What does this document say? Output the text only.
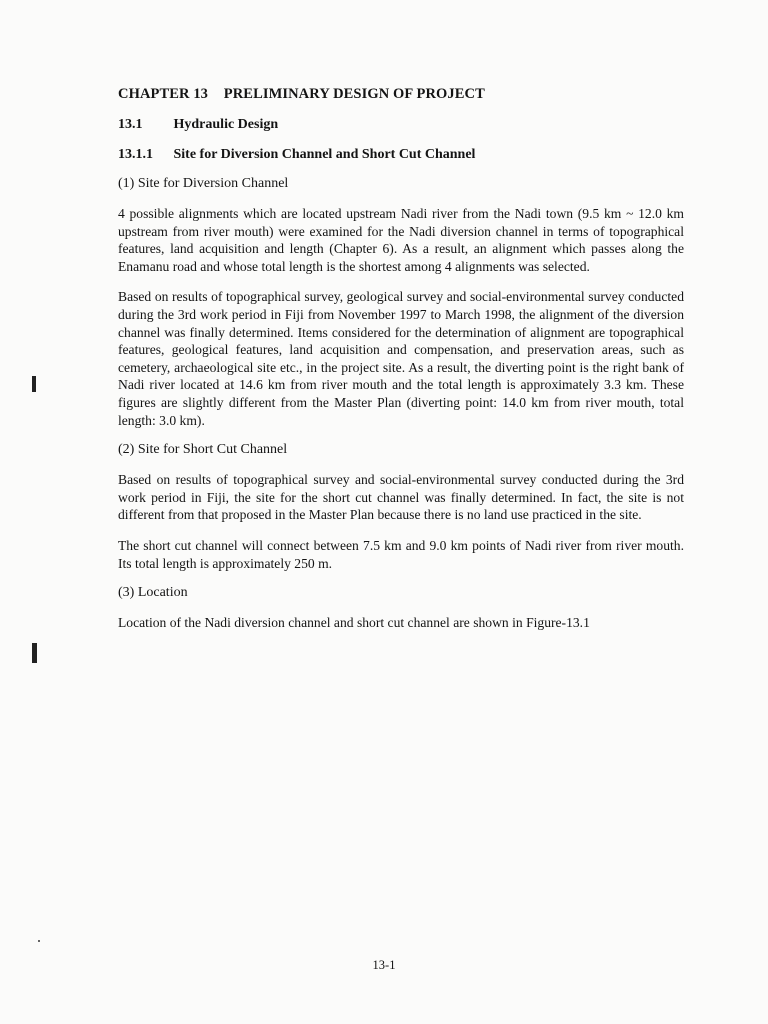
CHAPTER 13 PRELIMINARY DESIGN OF PROJECT
13.1 Hydraulic Design
13.1.1 Site for Diversion Channel and Short Cut Channel
(1) Site for Diversion Channel

4 possible alignments which are located upstream Nadi river from the Nadi town (9.5 km ~ 12.0 km upstream from river mouth) were examined for the Nadi diversion channel in terms of topographical features, land acquisition and length (Chapter 6). As a result, an alignment which passes along the Enamanu road and whose total length is the shortest among 4 alignments was selected.

Based on results of topographical survey, geological survey and social-environmental survey conducted during the 3rd work period in Fiji from November 1997 to March 1998, the alignment of the diversion channel was finally determined. Items considered for the determination of alignment are topographical features, geological features, land acquisition and compensation, and preservation areas, such as cemetery, archaeological site etc., in the project site. As a result, the diverting point is the right bank of Nadi river located at 14.6 km from river mouth and the total length is approximately 3.3 km. These figures are slightly different from the Master Plan (diverting point: 14.0 km from river mouth, total length: 3.0 km).

(2) Site for Short Cut Channel

Based on results of topographical survey and social-environmental survey conducted during the 3rd work period in Fiji, the site for the short cut channel was finally determined. In fact, the site is not different from that proposed in the Master Plan because there is no land use practiced in the site.

The short cut channel will connect between 7.5 km and 9.0 km points of Nadi river from river mouth. Its total length is approximately 250 m.

(3) Location

Location of the Nadi diversion channel and short cut channel are shown in Figure-13.1

13-1
